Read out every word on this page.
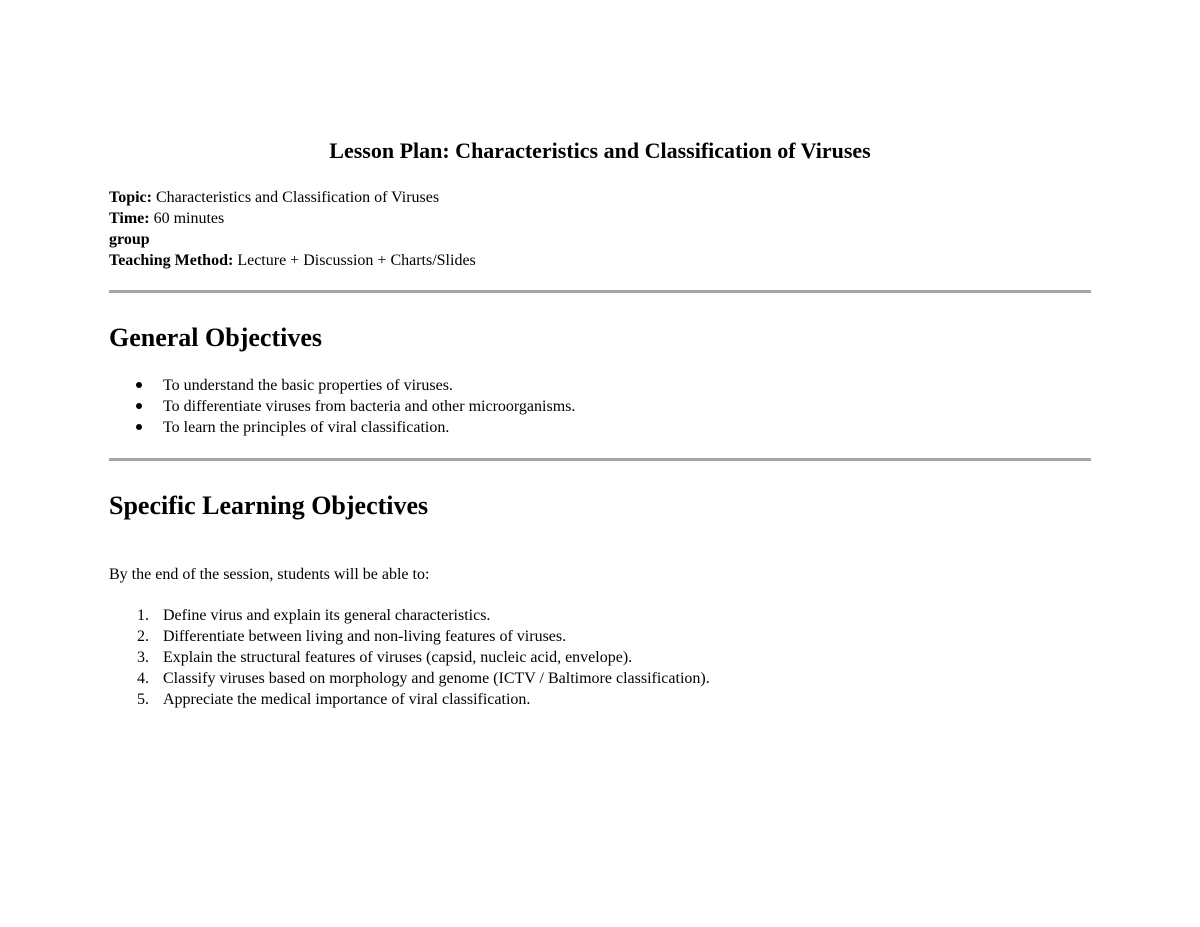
Lesson Plan: Characteristics and Classification of Viruses
Topic: Characteristics and Classification of Viruses
Time: 60 minutes
group
Teaching Method: Lecture + Discussion + Charts/Slides
General Objectives
To understand the basic properties of viruses.
To differentiate viruses from bacteria and other microorganisms.
To learn the principles of viral classification.
Specific Learning Objectives

By the end of the session, students will be able to:

1. Define virus and explain its general characteristics.
2. Differentiate between living and non-living features of viruses.
3. Explain the structural features of viruses (capsid, nucleic acid, envelope).
4. Classify viruses based on morphology and genome (ICTV / Baltimore classification).
5. Appreciate the medical importance of viral classification.
